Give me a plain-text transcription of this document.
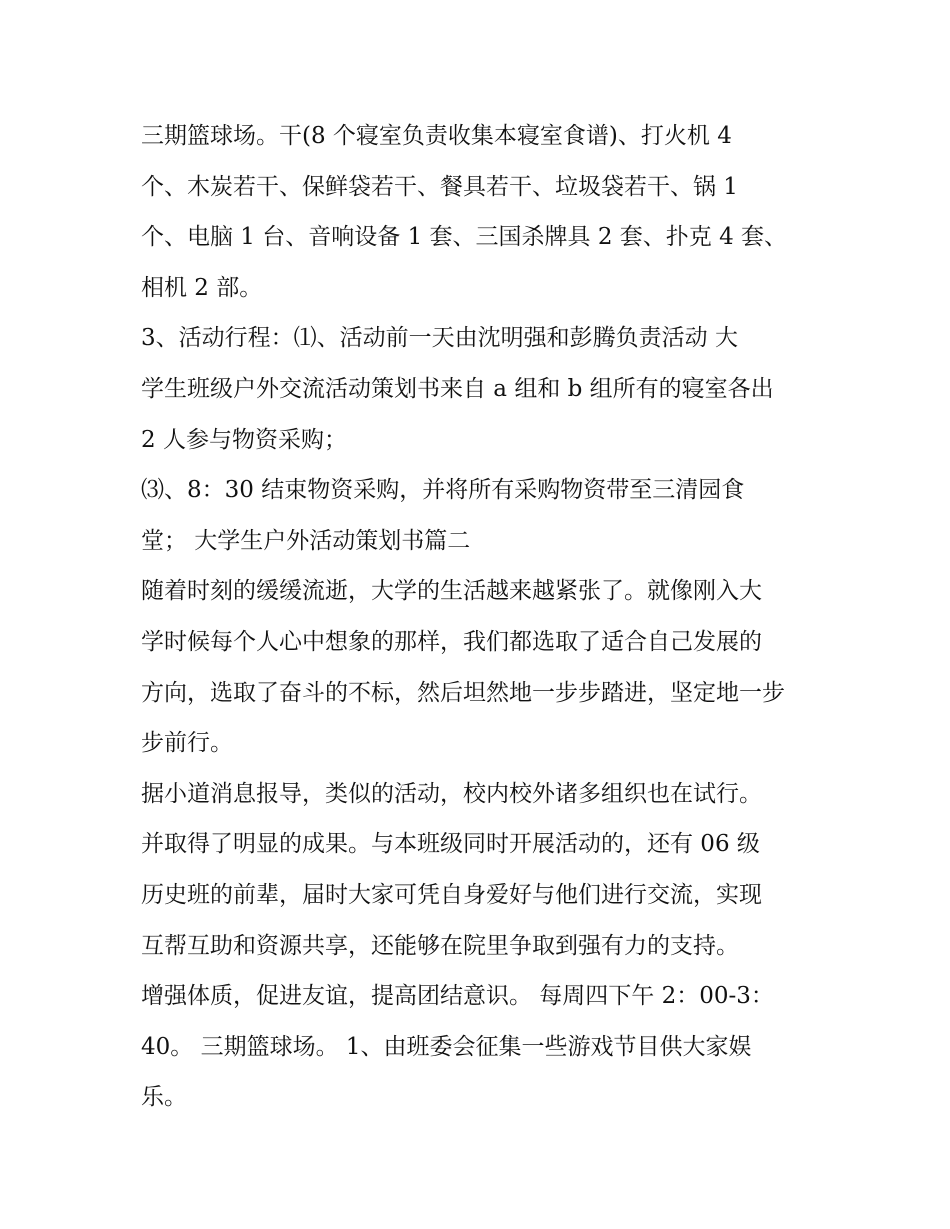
三期篮球场。干(8 个寝室负责收集本寝室食谱)、打火机 4
个、木炭若干、保鲜袋若干、餐具若干、垃圾袋若干、锅 1
个、电脑 1 台、音响设备 1 套、三国杀牌具 2 套、扑克 4 套、
相机 2 部。
3、活动行程：⑴、活动前一天由沈明强和彭腾负责活动 大
学生班级户外交流活动策划书来自 a 组和 b 组所有的寝室各出
2 人参与物资采购；
⑶、8：30 结束物资采购，并将所有采购物资带至三清园食
堂； 大学生户外活动策划书篇二
随着时刻的缓缓流逝，大学的生活越来越紧张了。就像刚入大
学时候每个人心中想象的那样，我们都选取了适合自己发展的
方向，选取了奋斗的不标，然后坦然地一步步踏进，坚定地一步
步前行。
据小道消息报导，类似的活动，校内校外诸多组织也在试行。
并取得了明显的成果。与本班级同时开展活动的，还有 06 级
历史班的前辈，届时大家可凭自身爱好与他们进行交流，实现
互帮互助和资源共享，还能够在院里争取到强有力的支持。
增强体质，促进友谊，提高团结意识。 每周四下午 2：00-3：
40。 三期篮球场。 1、由班委会征集一些游戏节目供大家娱
乐。
